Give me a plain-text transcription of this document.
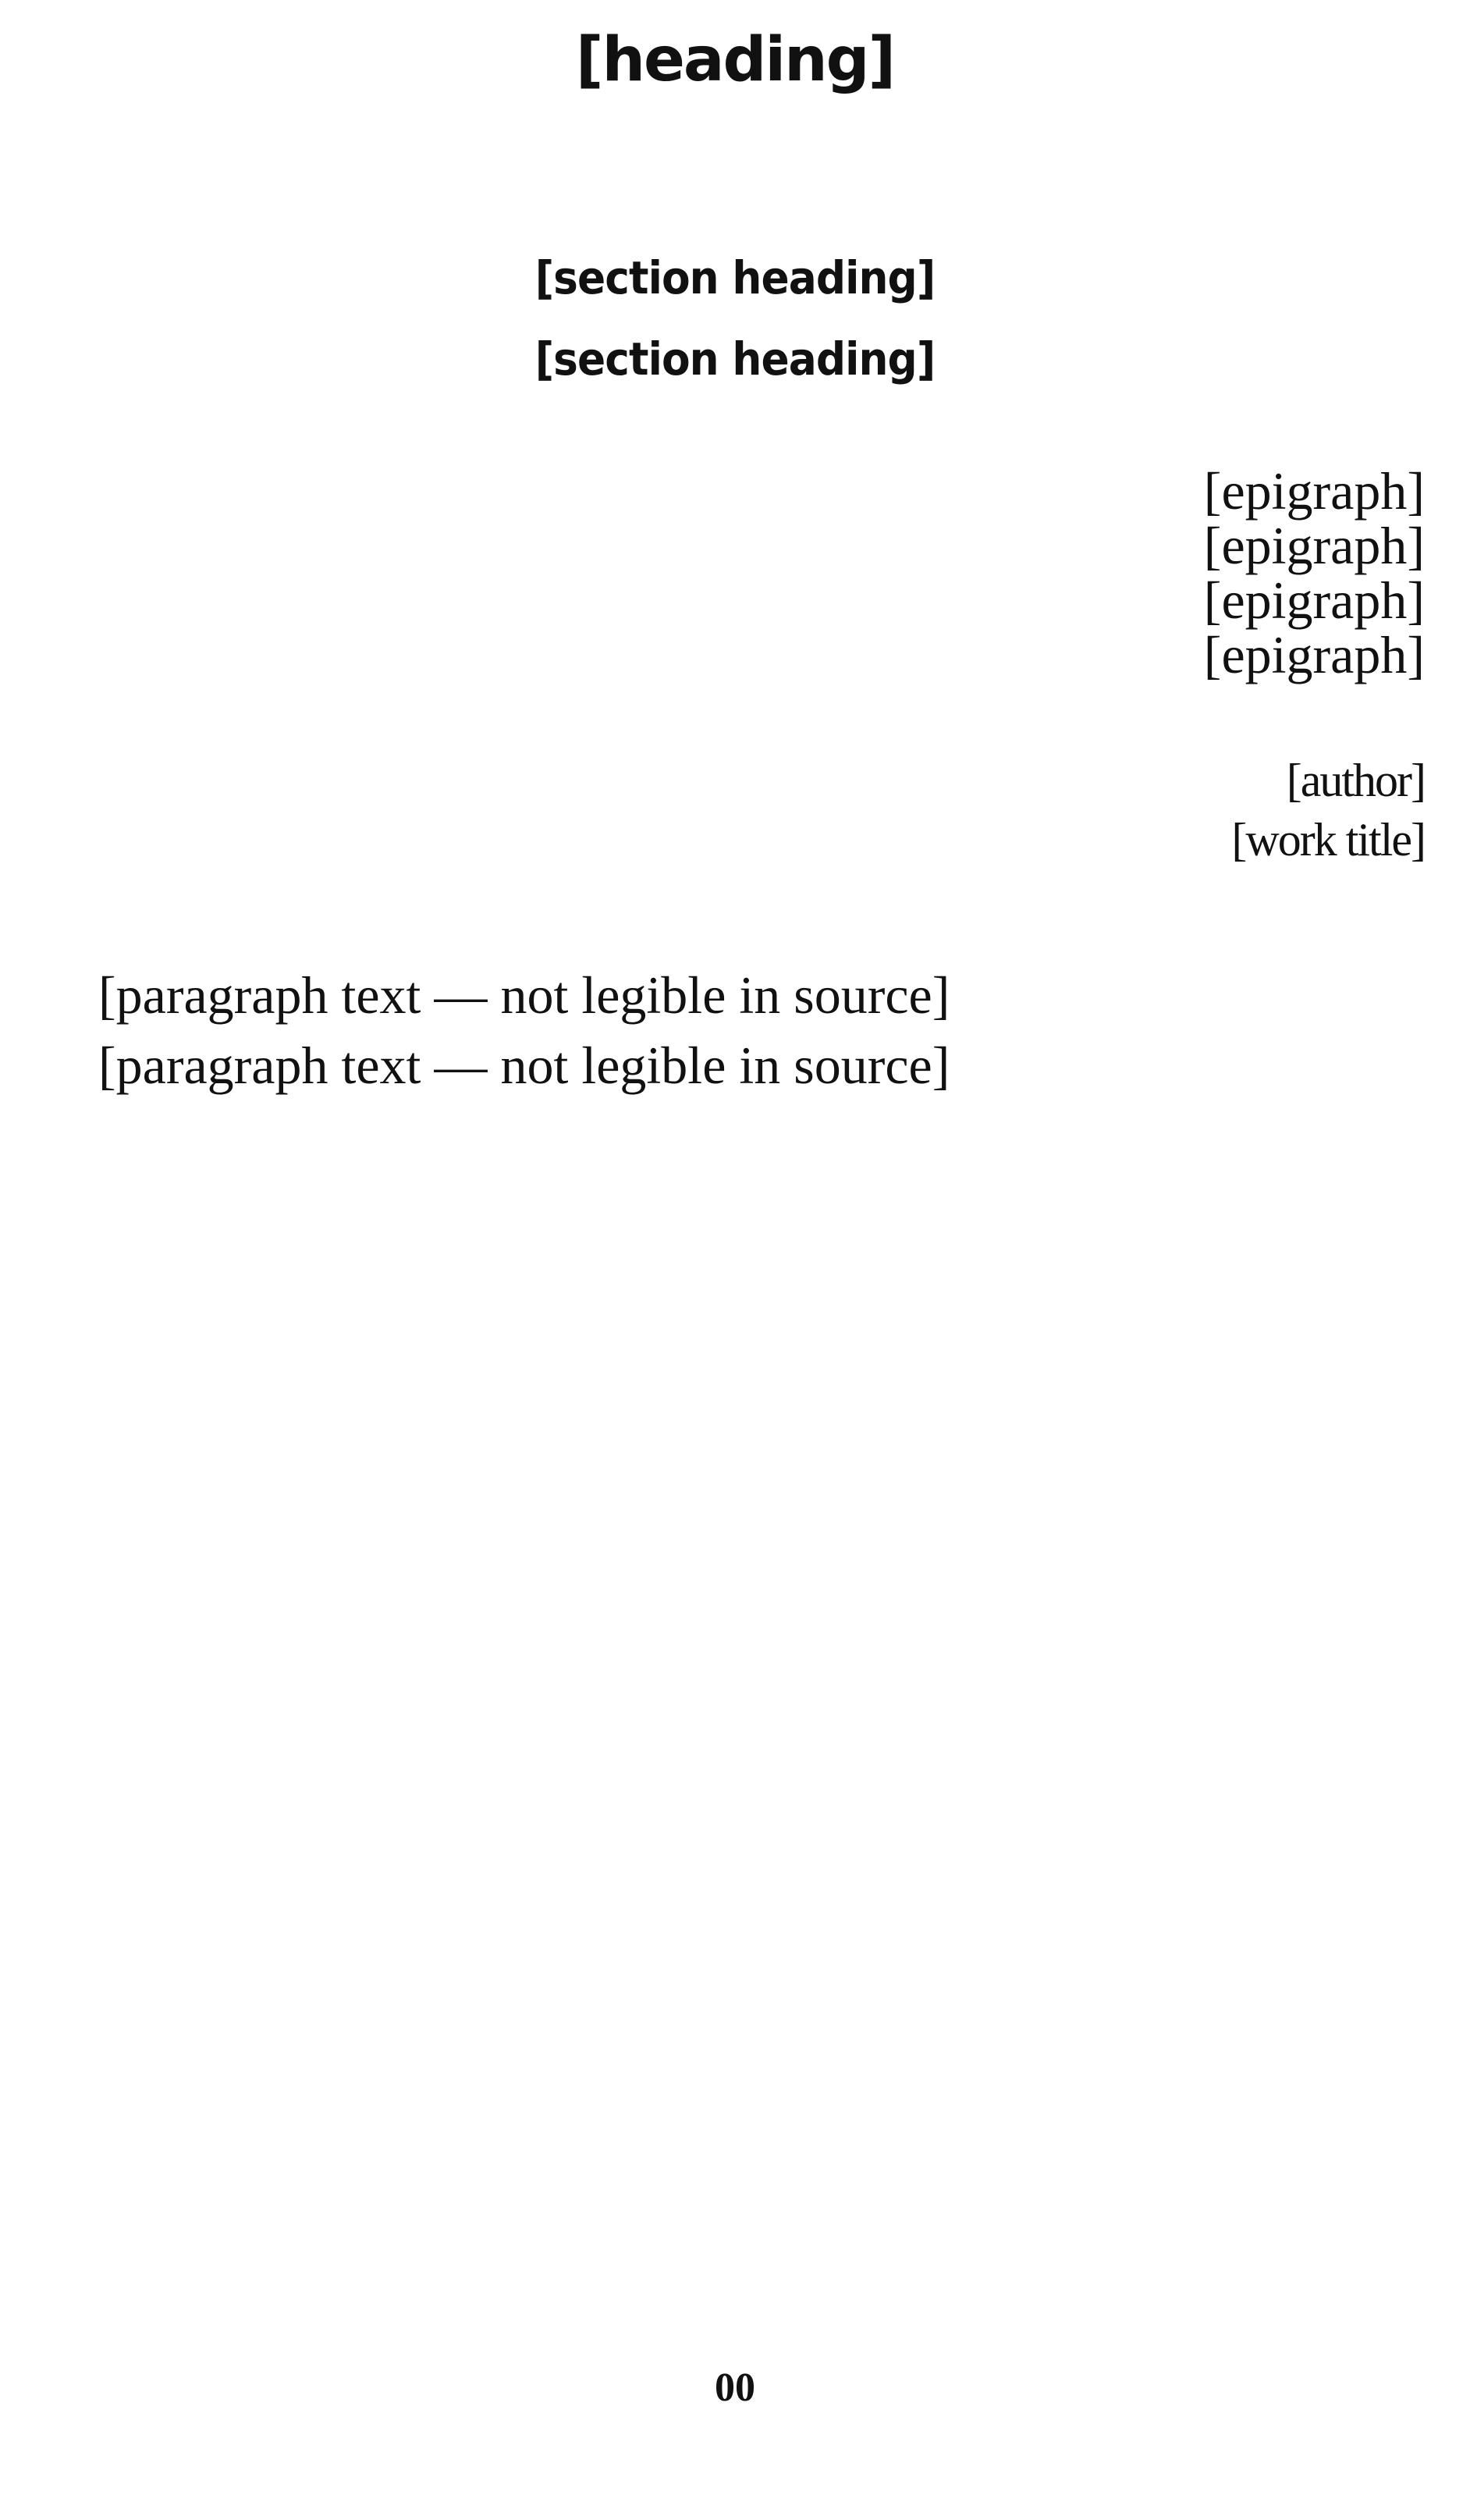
[heading]
[section heading]
[section heading]
[epigraph]
[epigraph]
[epigraph]
[epigraph]
[author]
[work title]

[paragraph text — not legible in source]

[paragraph text — not legible in source]

00
